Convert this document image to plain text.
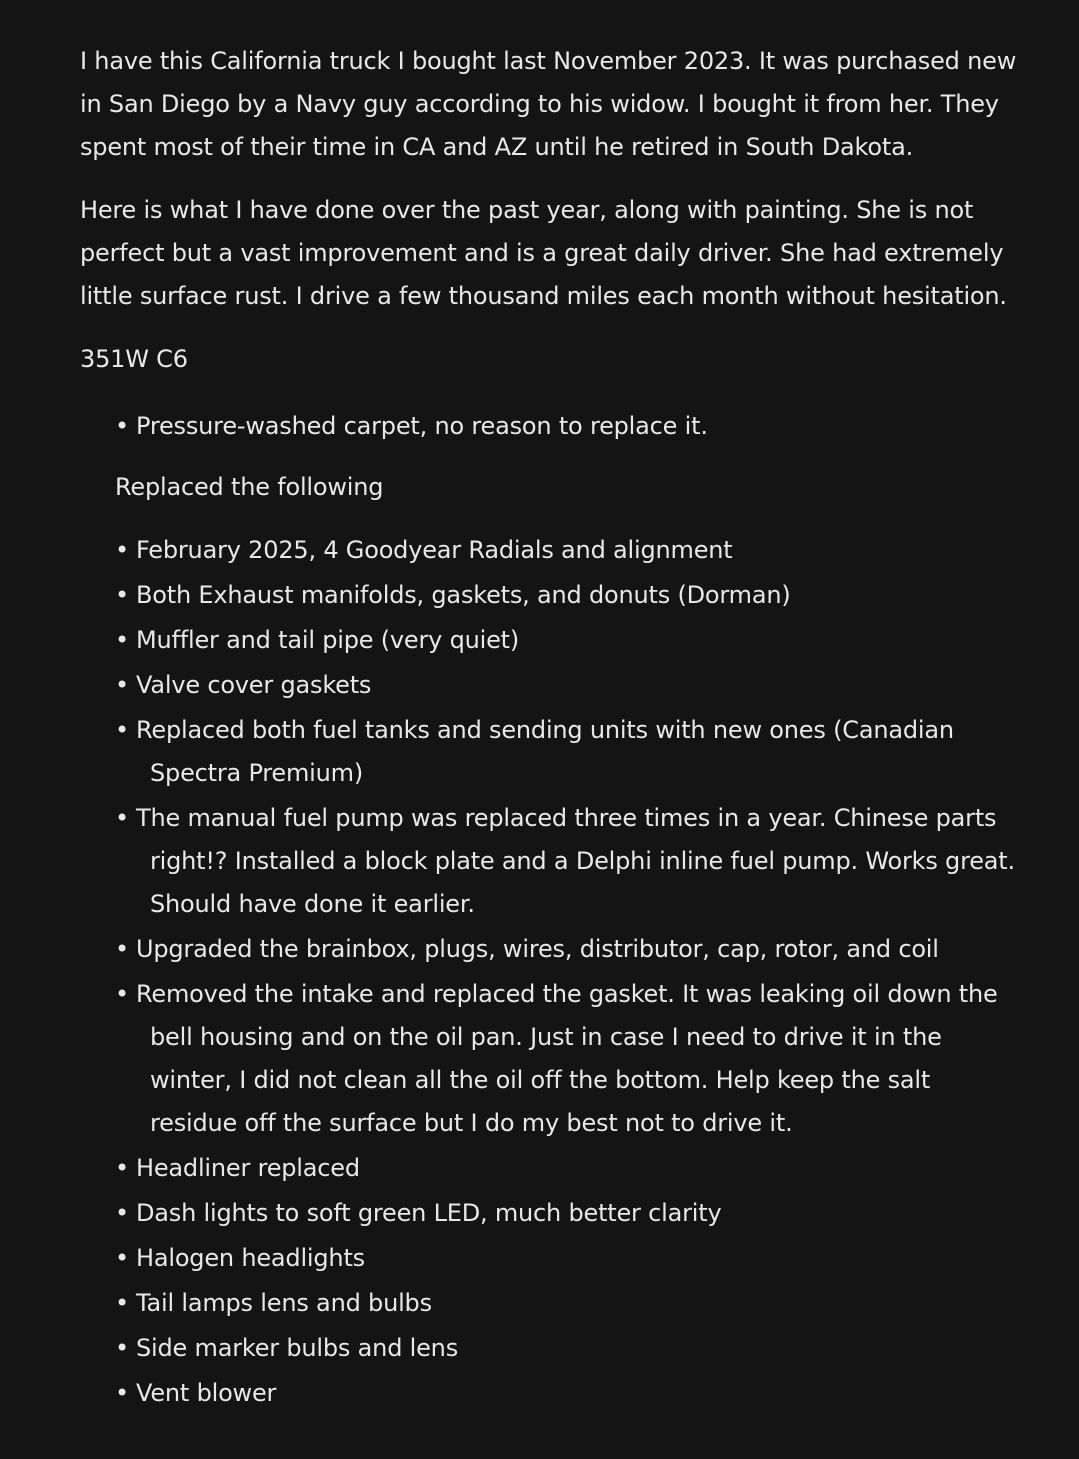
I have this California truck I bought last November 2023. It was purchased new in San Diego by a Navy guy according to his widow. I bought it from her. They spent most of their time in CA and AZ until he retired in South Dakota.

Here is what I have done over the past year, along with painting. She is not perfect but a vast improvement and is a great daily driver. She had extremely little surface rust. I drive a few thousand miles each month without hesitation.

351W C6

• Pressure-washed carpet, no reason to replace it.
Replaced the following
• February 2025, 4 Goodyear Radials and alignment
• Both Exhaust manifolds, gaskets, and donuts (Dorman)
• Muffler and tail pipe (very quiet)
• Valve cover gaskets
• Replaced both fuel tanks and sending units with new ones (Canadian Spectra Premium)
• The manual fuel pump was replaced three times in a year. Chinese parts right!? Installed a block plate and a Delphi inline fuel pump. Works great. Should have done it earlier.
• Upgraded the brainbox, plugs, wires, distributor, cap, rotor, and coil
• Removed the intake and replaced the gasket. It was leaking oil down the bell housing and on the oil pan. Just in case I need to drive it in the winter, I did not clean all the oil off the bottom. Help keep the salt residue off the surface but I do my best not to drive it.
• Headliner replaced
• Dash lights to soft green LED, much better clarity
• Halogen headlights
• Tail lamps lens and bulbs
• Side marker bulbs and lens
• Vent blower
